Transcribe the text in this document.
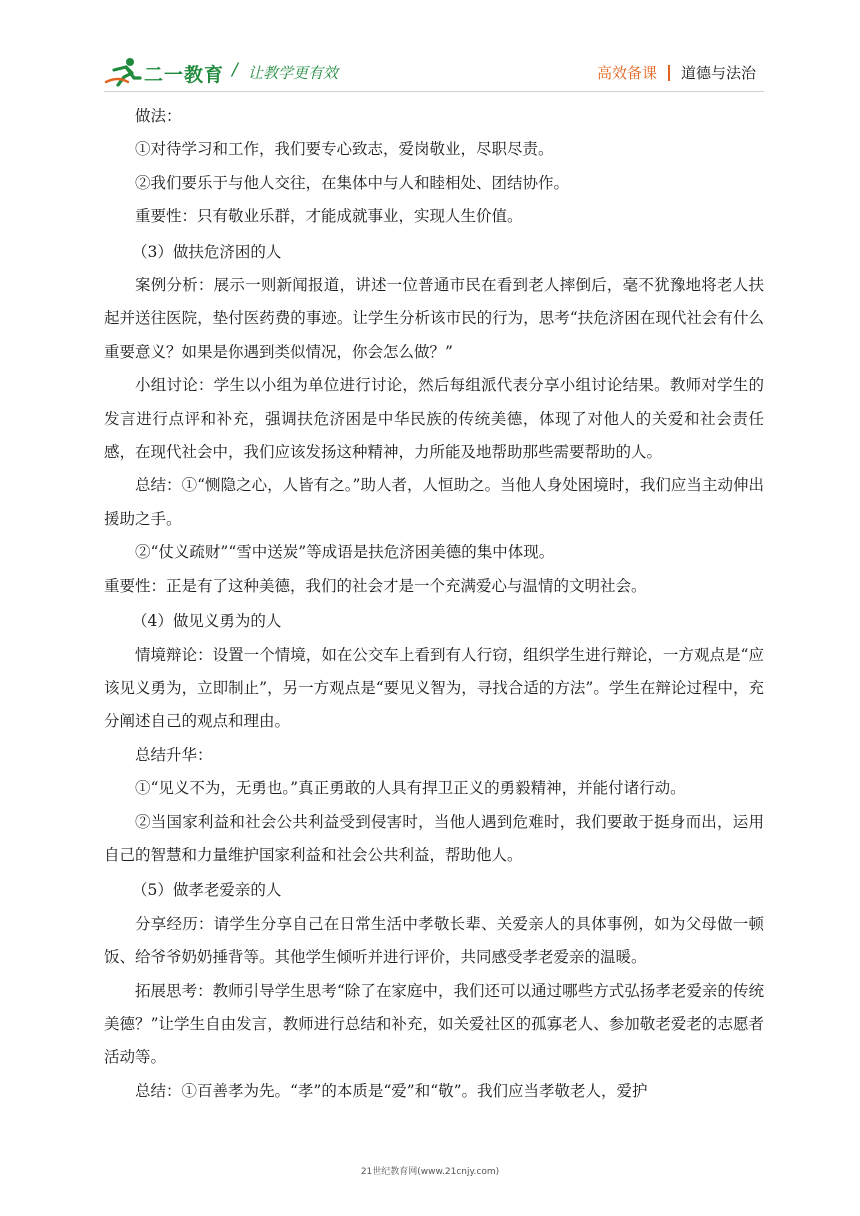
二一教育 / 让教学更有效	高效备课 道德与法治

做法：

①对待学习和工作，我们要专心致志，爱岗敬业，尽职尽责。

②我们要乐于与他人交往，在集体中与人和睦相处、团结协作。

重要性：只有敬业乐群，才能成就事业，实现人生价值。

（3）做扶危济困的人

案例分析：展示一则新闻报道，讲述一位普通市民在看到老人摔倒后，毫不犹豫地将老人扶起并送往医院，垫付医药费的事迹。让学生分析该市民的行为，思考“扶危济困在现代社会有什么重要意义？如果是你遇到类似情况，你会怎么做？”

小组讨论：学生以小组为单位进行讨论，然后每组派代表分享小组讨论结果。教师对学生的发言进行点评和补充，强调扶危济困是中华民族的传统美德，体现了对他人的关爱和社会责任感，在现代社会中，我们应该发扬这种精神，力所能及地帮助那些需要帮助的人。

总结：①“恻隐之心，人皆有之。”助人者，人恒助之。当他人身处困境时，我们应当主动伸出援助之手。

②“仗义疏财”“雪中送炭”等成语是扶危济困美德的集中体现。

重要性：正是有了这种美德，我们的社会才是一个充满爱心与温情的文明社会。

（4）做见义勇为的人

情境辩论：设置一个情境，如在公交车上看到有人行窃，组织学生进行辩论，一方观点是“应该见义勇为，立即制止”，另一方观点是“要见义智为，寻找合适的方法”。学生在辩论过程中，充分阐述自己的观点和理由。

总结升华：

①“见义不为，无勇也。”真正勇敢的人具有捍卫正义的勇毅精神，并能付诸行动。

②当国家利益和社会公共利益受到侵害时，当他人遇到危难时，我们要敢于挺身而出，运用自己的智慧和力量维护国家利益和社会公共利益，帮助他人。

（5）做孝老爱亲的人

分享经历：请学生分享自己在日常生活中孝敬长辈、关爱亲人的具体事例，如为父母做一顿饭、给爷爷奶奶捶背等。其他学生倾听并进行评价，共同感受孝老爱亲的温暖。

拓展思考：教师引导学生思考“除了在家庭中，我们还可以通过哪些方式弘扬孝老爱亲的传统美德？”让学生自由发言，教师进行总结和补充，如关爱社区的孤寡老人、参加敬老爱老的志愿者活动等。

总结：①百善孝为先。“孝”的本质是“爱”和“敬”。我们应当孝敬老人，爱护

21世纪教育网(www.21cnjy.com)
